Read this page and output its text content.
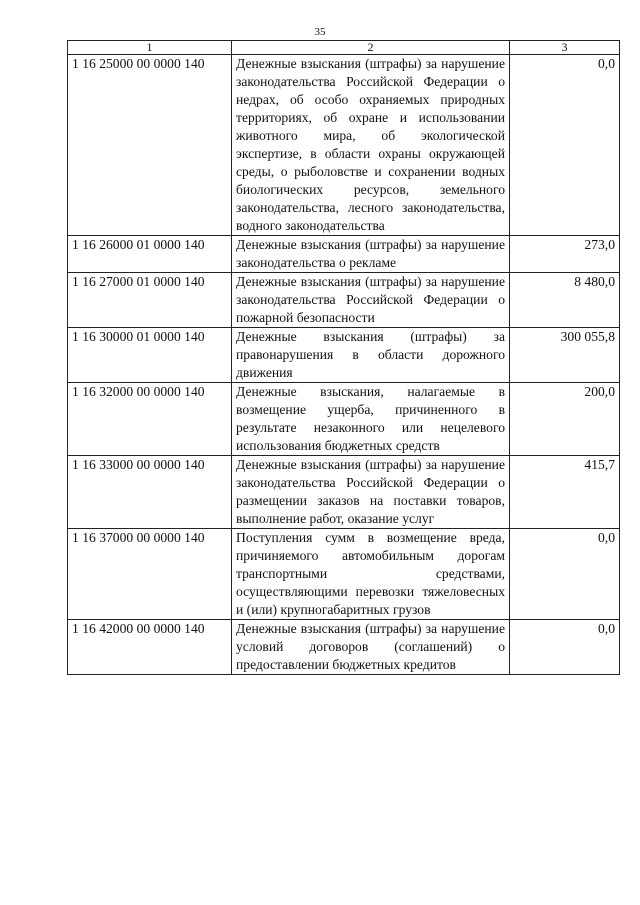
35
1	2	3
1 16 25000 00 0000 140	Денежные взыскания (штрафы) за нарушение законодательства Российской Федерации о недрах, об особо охраняемых природных территориях, об охране и использовании животного мира, об экологической экспертизе, в области охраны окружающей среды, о рыболовстве и сохранении водных биологических ресурсов, земельного законодательства, лесного законодательства, водного законодательства	0,0
1 16 26000 01 0000 140	Денежные взыскания (штрафы) за нарушение законодательства о рекламе	273,0
1 16 27000 01 0000 140	Денежные взыскания (штрафы) за нарушение законодательства Российской Федерации о пожарной безопасности	8 480,0
1 16 30000 01 0000 140	Денежные взыскания (штрафы) за правонарушения в области дорожного движения	300 055,8
1 16 32000 00 0000 140	Денежные взыскания, налагаемые в возмещение ущерба, причиненного в результате незаконного или нецелевого использования бюджетных средств	200,0
1 16 33000 00 0000 140	Денежные взыскания (штрафы) за нарушение законодательства Российской Федерации о размещении заказов на поставки товаров, выполнение работ, оказание услуг	415,7
1 16 37000 00 0000 140	Поступления сумм в возмещение вреда, причиняемого автомобильным дорогам транспортными средствами, осуществляющими перевозки тяжеловесных и (или) крупногабаритных грузов	0,0
1 16 42000 00 0000 140	Денежные взыскания (штрафы) за нарушение условий договоров (соглашений) о предоставлении бюджетных кредитов	0,0
